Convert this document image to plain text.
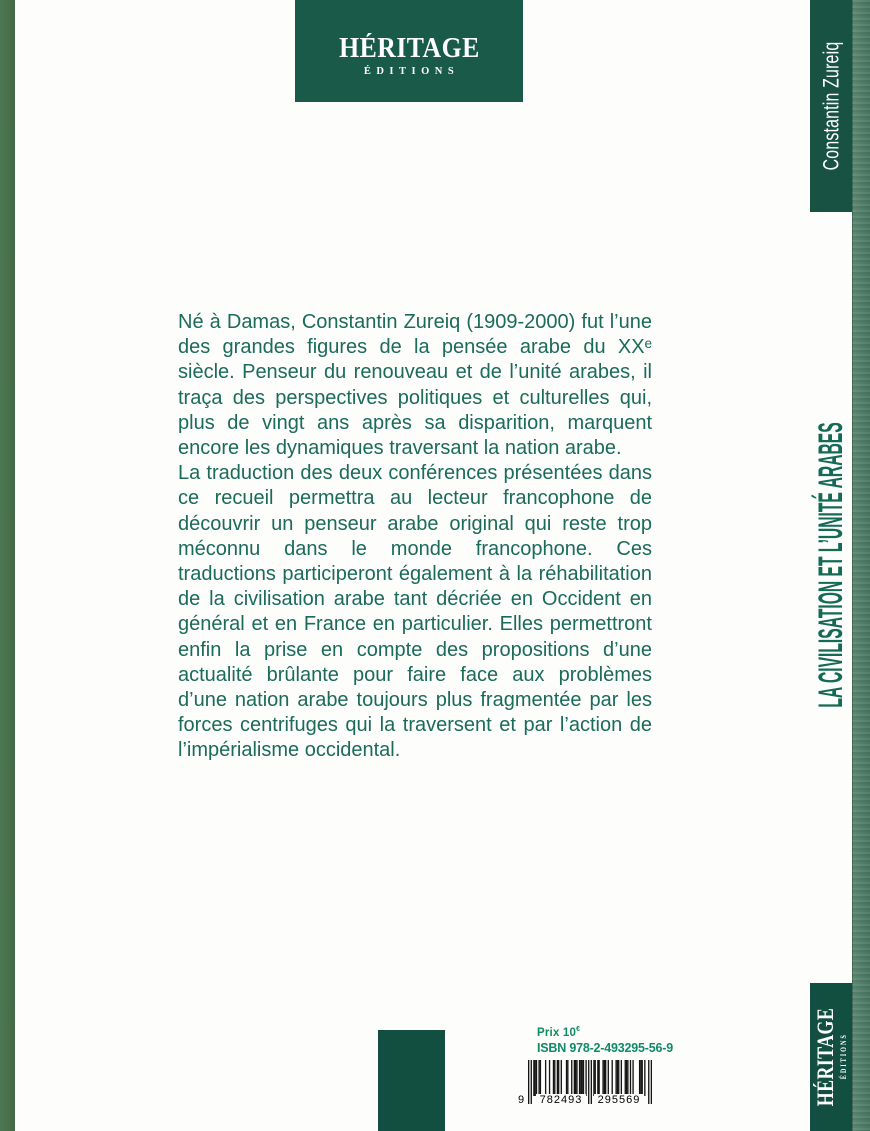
HÉRITAGE
ÉDITIONS

Né à Damas, Constantin Zureiq (1909-2000) fut l’une des grandes figures de la pensée arabe du XXᵉ siècle. Penseur du renouveau et de l’unité arabes, il traça des perspectives politiques et culturelles qui, plus de vingt ans après sa disparition, marquent encore les dynamiques traversant la nation arabe.

La traduction des deux conférences présentées dans ce recueil permettra au lecteur francophone de découvrir un penseur arabe original qui reste trop méconnu dans le monde francophone. Ces traductions participeront également à la réhabilitation de la civilisation arabe tant décriée en Occident en général et en France en particulier. Elles permettront enfin la prise en compte des propositions d’une actualité brûlante pour faire face aux problèmes d’une nation arabe toujours plus fragmentée par les forces centrifuges qui la traversent et par l’action de l’impérialisme occidental.

Constantin Zureiq
LA CIVILISATION ET L’UNITÉ ARABES
HÉRITAGE ÉDITIONS
Prix 10€
ISBN 978-2-493295-56-9
9	782493	295569
